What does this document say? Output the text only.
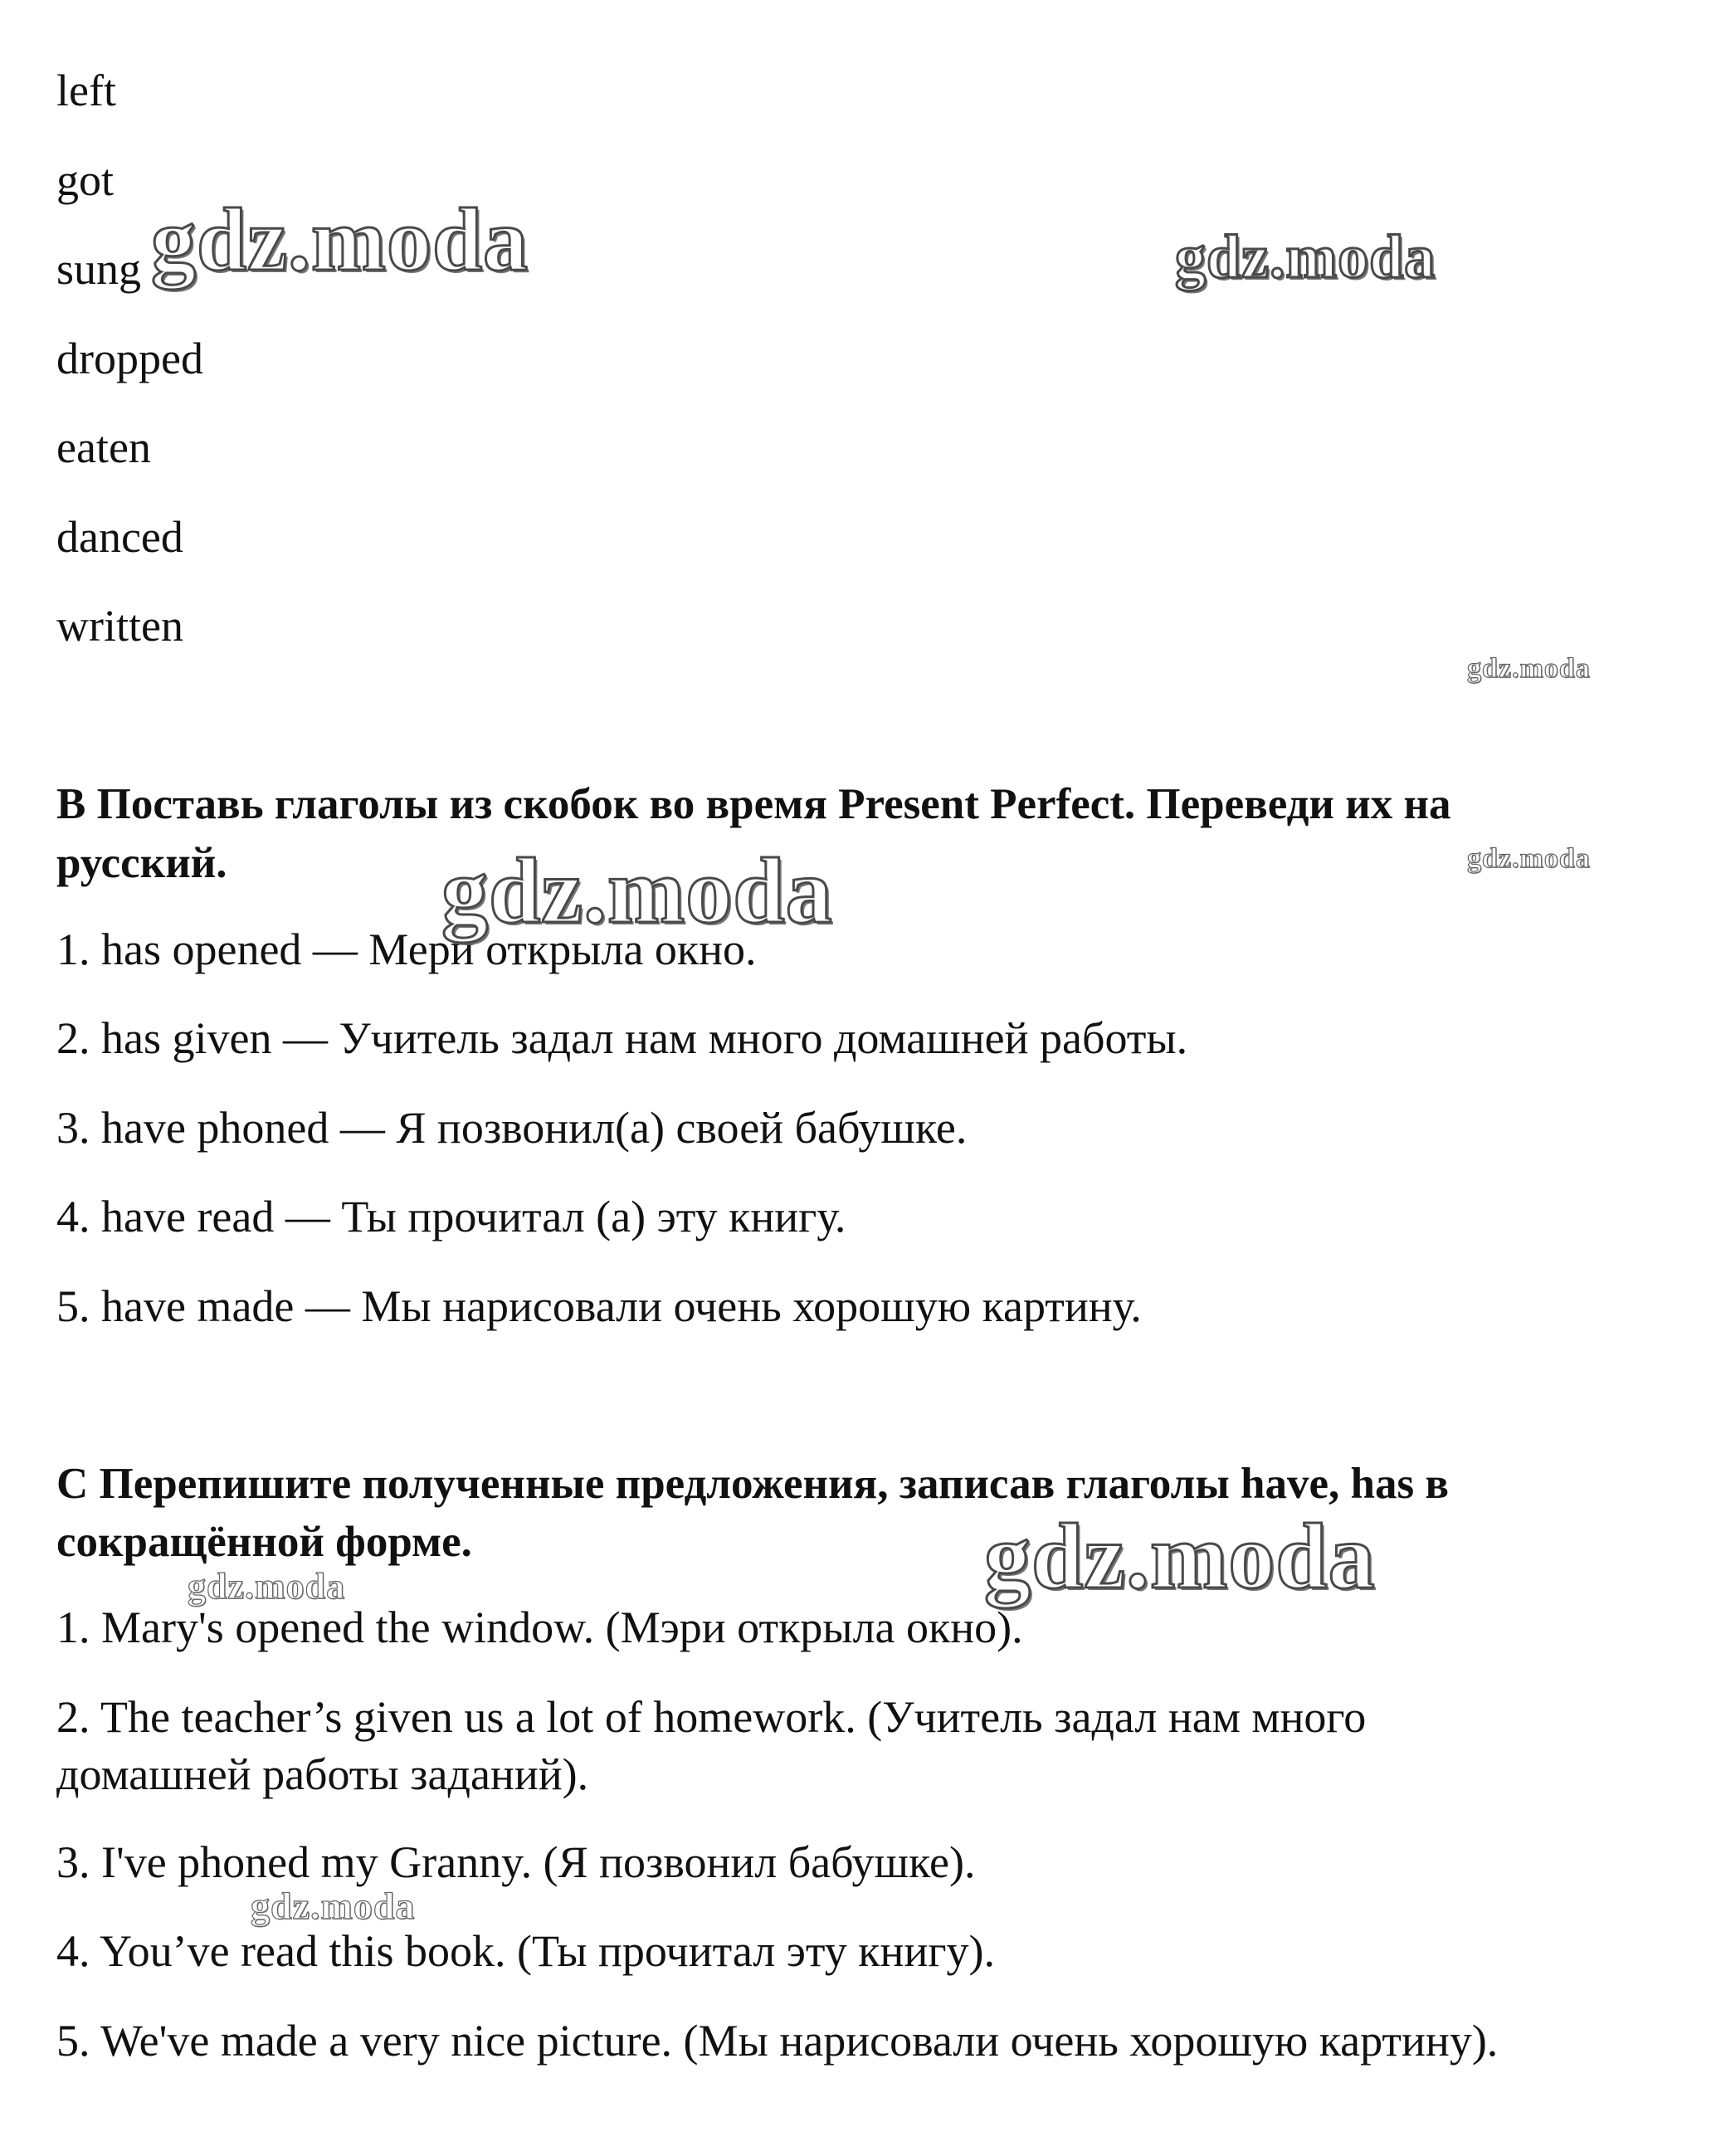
left
got
sung
dropped
eaten
danced
written
B Поставь глаголы из скобок во время Present Perfect. Переведи их на
русский.
1. has opened — Мери открыла окно.
2. has given — Учитель задал нам много домашней работы.
3. have phoned — Я позвонил(а) своей бабушке.
4. have read — Ты прочитал (а) эту книгу.
5. have made — Мы нарисовали очень хорошую картину.
C Перепишите полученные предложения, записав глаголы have, has в
сокращённой форме.
1. Mary's opened the window. (Мэри открыла окно).
2. The teacher’s given us a lot of homework. (Учитель задал нам много
домашней работы заданий).
3. I've phoned my Granny. (Я позвонил бабушке).
4. You’ve read this book. (Ты прочитал эту книгу).
5. We've made a very nice picture. (Мы нарисовали очень хорошую картину).
gdz.moda	gdz.moda
gdz.moda
gdz.moda
gdz.moda
gdz.moda
gdz.moda
gdz.moda
